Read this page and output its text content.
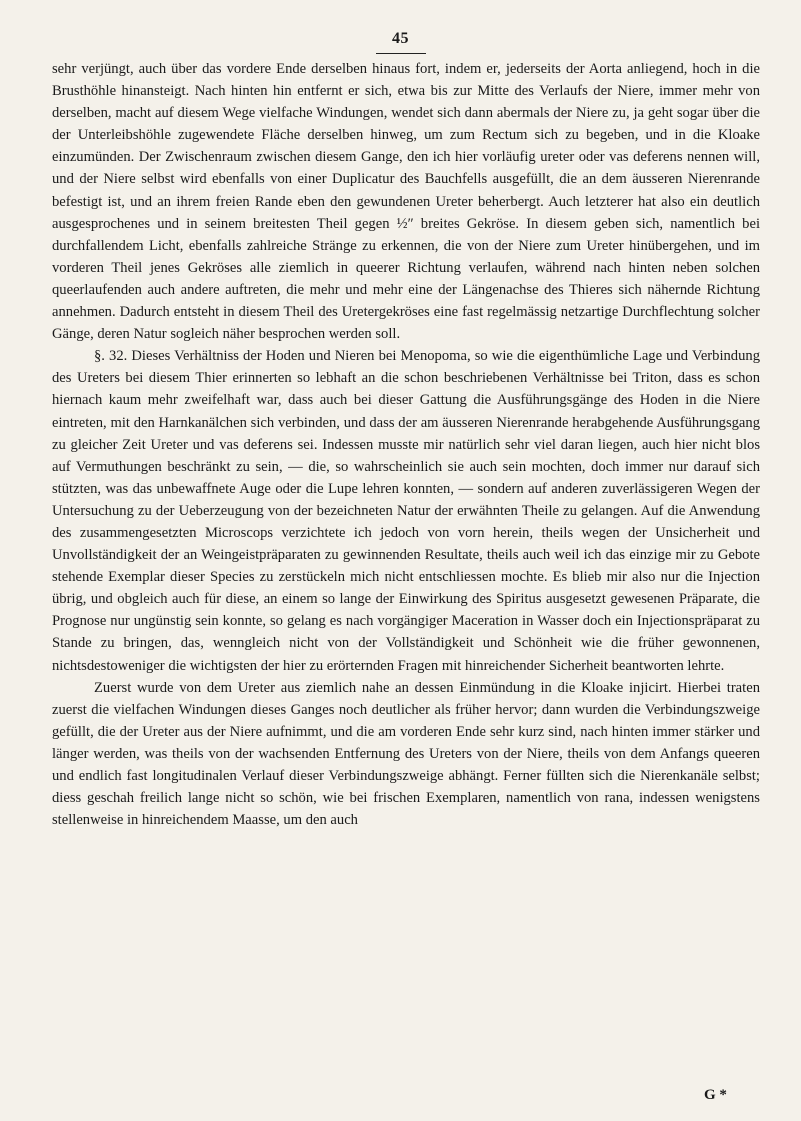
45

sehr verjüngt, auch über das vordere Ende derselben hinaus fort, indem er, jederseits der Aorta anliegend, hoch in die Brusthöhle hinansteigt. Nach hinten hin entfernt er sich, etwa bis zur Mitte des Verlaufs der Niere, immer mehr von derselben, macht auf diesem Wege vielfache Windungen, wendet sich dann abermals der Niere zu, ja geht sogar über die der Unterleibshöhle zugewendete Fläche derselben hinweg, um zum Rectum sich zu begeben, und in die Kloake einzumünden. Der Zwischenraum zwischen diesem Gange, den ich hier vorläufig ureter oder vas deferens nennen will, und der Niere selbst wird ebenfalls von einer Duplicatur des Bauchfells ausgefüllt, die an dem äusseren Nierenrande befestigt ist, und an ihrem freien Rande eben den gewundenen Ureter beherbergt. Auch letzterer hat also ein deutlich ausgesprochenes und in seinem breitesten Theil gegen ½″ breites Gekröse. In diesem geben sich, namentlich bei durchfallendem Licht, ebenfalls zahlreiche Stränge zu erkennen, die von der Niere zum Ureter hinübergehen, und im vorderen Theil jenes Gekröses alle ziemlich in queerer Richtung verlaufen, während nach hinten neben solchen queerlaufenden auch andere auftreten, die mehr und mehr eine der Längenachse des Thieres sich nähernde Richtung annehmen. Dadurch entsteht in diesem Theil des Uretergekröses eine fast regelmässig netzartige Durchflechtung solcher Gänge, deren Natur sogleich näher besprochen werden soll.

§. 32. Dieses Verhältniss der Hoden und Nieren bei Menopoma, so wie die eigenthümliche Lage und Verbindung des Ureters bei diesem Thier erinnerten so lebhaft an die schon beschriebenen Verhältnisse bei Triton, dass es schon hiernach kaum mehr zweifelhaft war, dass auch bei dieser Gattung die Ausführungsgänge des Hoden in die Niere eintreten, mit den Harnkanälchen sich verbinden, und dass der am äusseren Nierenrande herabgehende Ausführungsgang zu gleicher Zeit Ureter und vas deferens sei. Indessen musste mir natürlich sehr viel daran liegen, auch hier nicht blos auf Vermuthungen beschränkt zu sein, — die, so wahrscheinlich sie auch sein mochten, doch immer nur darauf sich stützten, was das unbewaffnete Auge oder die Lupe lehren konnten, — sondern auf anderen zuverlässigeren Wegen der Untersuchung zu der Ueberzeugung von der bezeichneten Natur der erwähnten Theile zu gelangen. Auf die Anwendung des zusammengesetzten Microscops verzichtete ich jedoch von vorn herein, theils wegen der Unsicherheit und Unvollständigkeit der an Weingeistpräparaten zu gewinnenden Resultate, theils auch weil ich das einzige mir zu Gebote stehende Exemplar dieser Species zu zerstückeln mich nicht entschliessen mochte. Es blieb mir also nur die Injection übrig, und obgleich auch für diese, an einem so lange der Einwirkung des Spiritus ausgesetzt gewesenen Präparate, die Prognose nur ungünstig sein konnte, so gelang es nach vorgängiger Maceration in Wasser doch ein Injectionspräparat zu Stande zu bringen, das, wenngleich nicht von der Vollständigkeit und Schönheit wie die früher gewonnenen, nichtsdestoweniger die wichtigsten der hier zu erörternden Fragen mit hinreichender Sicherheit beantworten lehrte.

Zuerst wurde von dem Ureter aus ziemlich nahe an dessen Einmündung in die Kloake injicirt. Hierbei traten zuerst die vielfachen Windungen dieses Ganges noch deutlicher als früher hervor; dann wurden die Verbindungszweige gefüllt, die der Ureter aus der Niere aufnimmt, und die am vorderen Ende sehr kurz sind, nach hinten immer stärker und länger werden, was theils von der wachsenden Entfernung des Ureters von der Niere, theils von dem Anfangs queeren und endlich fast longitudinalen Verlauf dieser Verbindungszweige abhängt. Ferner füllten sich die Nierenkanäle selbst; diess geschah freilich lange nicht so schön, wie bei frischen Exemplaren, namentlich von rana, indessen wenigstens stellenweise in hinreichendem Maasse, um den auch

G *
